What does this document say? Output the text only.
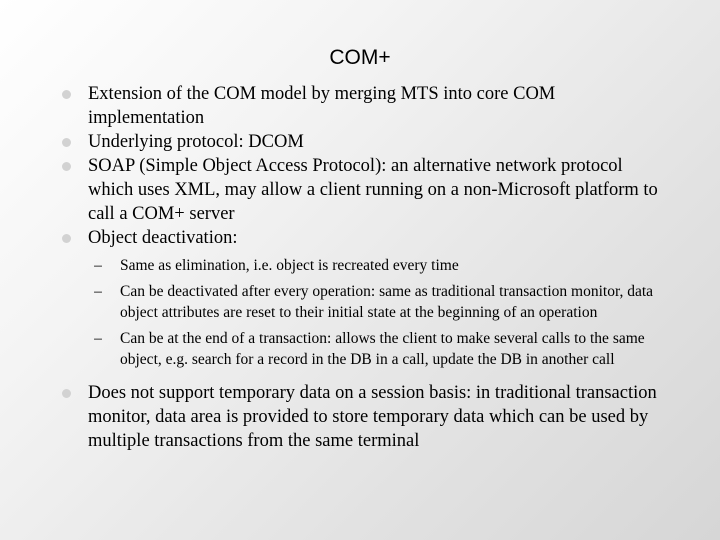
COM+
Extension of the COM model by merging MTS into core COM implementation
Underlying protocol: DCOM
SOAP (Simple Object Access Protocol): an alternative network protocol which uses XML, may allow a client running on a non-Microsoft platform to call a COM+ server
Object deactivation:
–	Same as elimination, i.e. object is recreated every time
–	Can be deactivated after every operation: same as traditional transaction monitor, data object attributes are reset to their initial state at the beginning of an operation
–	Can be at the end of a transaction: allows the client to make several calls to the same object, e.g. search for a record in the DB in a call, update the DB in another call
Does not support temporary data on a session basis: in traditional transaction monitor, data area is provided to store temporary data which can be used by multiple transactions from the same terminal
